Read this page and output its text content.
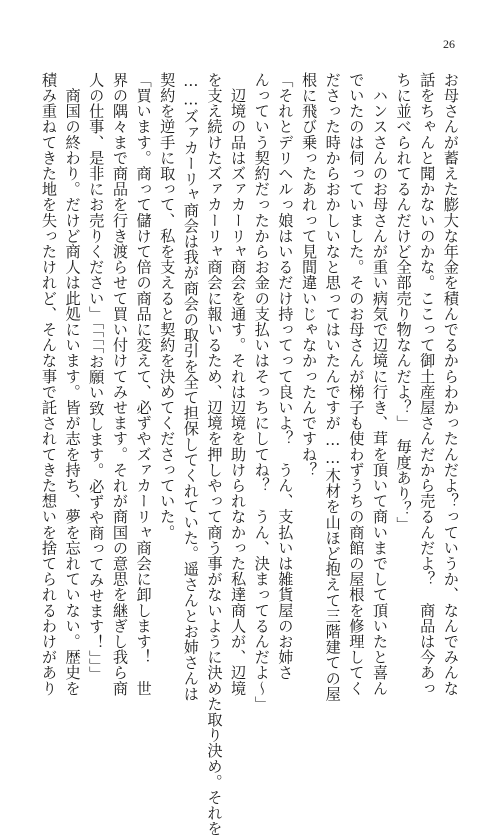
26
お母さんが蓄えた膨大な年金を積んでるからわかったんだよ？っていうか、なんでみんな
話をちゃんと聞かないのかな。ここって御土産屋さんだから売るんだよ？　商品は今あっ
ちに並べられてるんだけど全部売り物なんだよ？」　毎度あり？」
　ハンスさんのお母さんが重い病気で辺境に行き、茸を頂いて商いまでして頂いたと喜ん
でいたのは伺っていました。そのお母さんが梯子も使わずうちの商館の屋根を修理してく
ださった時からおかしいなと思ってはいたんですが……木材を山ほど抱えて三階建ての屋
根に飛び乗ったあれって見間違いじゃなかったんですね？
「それとデリヘルっ娘はいるだけ持ってって良いよ？　うん、支払いは雑貨屋のお姉さ
んっていう契約だったからお金の支払いはそっちにしてね？　うん、決まってるんだよ～」
　辺境の品はズァカーリャ商会を通す。それは辺境を助けられなかった私達商人が、辺境
を支え続けたズァカーリャ商会に報いるため、辺境を押しやって商う事がないように決めた取り決め。それを
……ズァカーリャ商会は我が商会の取引を全て担保してくれていた。遥さんとお姉さんは
契約を逆手に取って、私を支えると契約を決めてくださっていた。
「買います。商って儲けて倍の商品に変えて、必ずやズァカーリャ商会に卸します！　世
界の隅々まで商品を行き渡らせて買い付けてみせます。それが商国の意思を継ぎし我ら商
人の仕事、是非にお売りください」「「「「お願い致します。必ずや商ってみせます！」」」
　商国の終わり。だけど商人は此処にいます。皆が志を持ち、夢を忘れていない。歴史を
積み重ねてきた地を失ったけれど、そんな事で託されてきた想いを捨てられるわけがあり
